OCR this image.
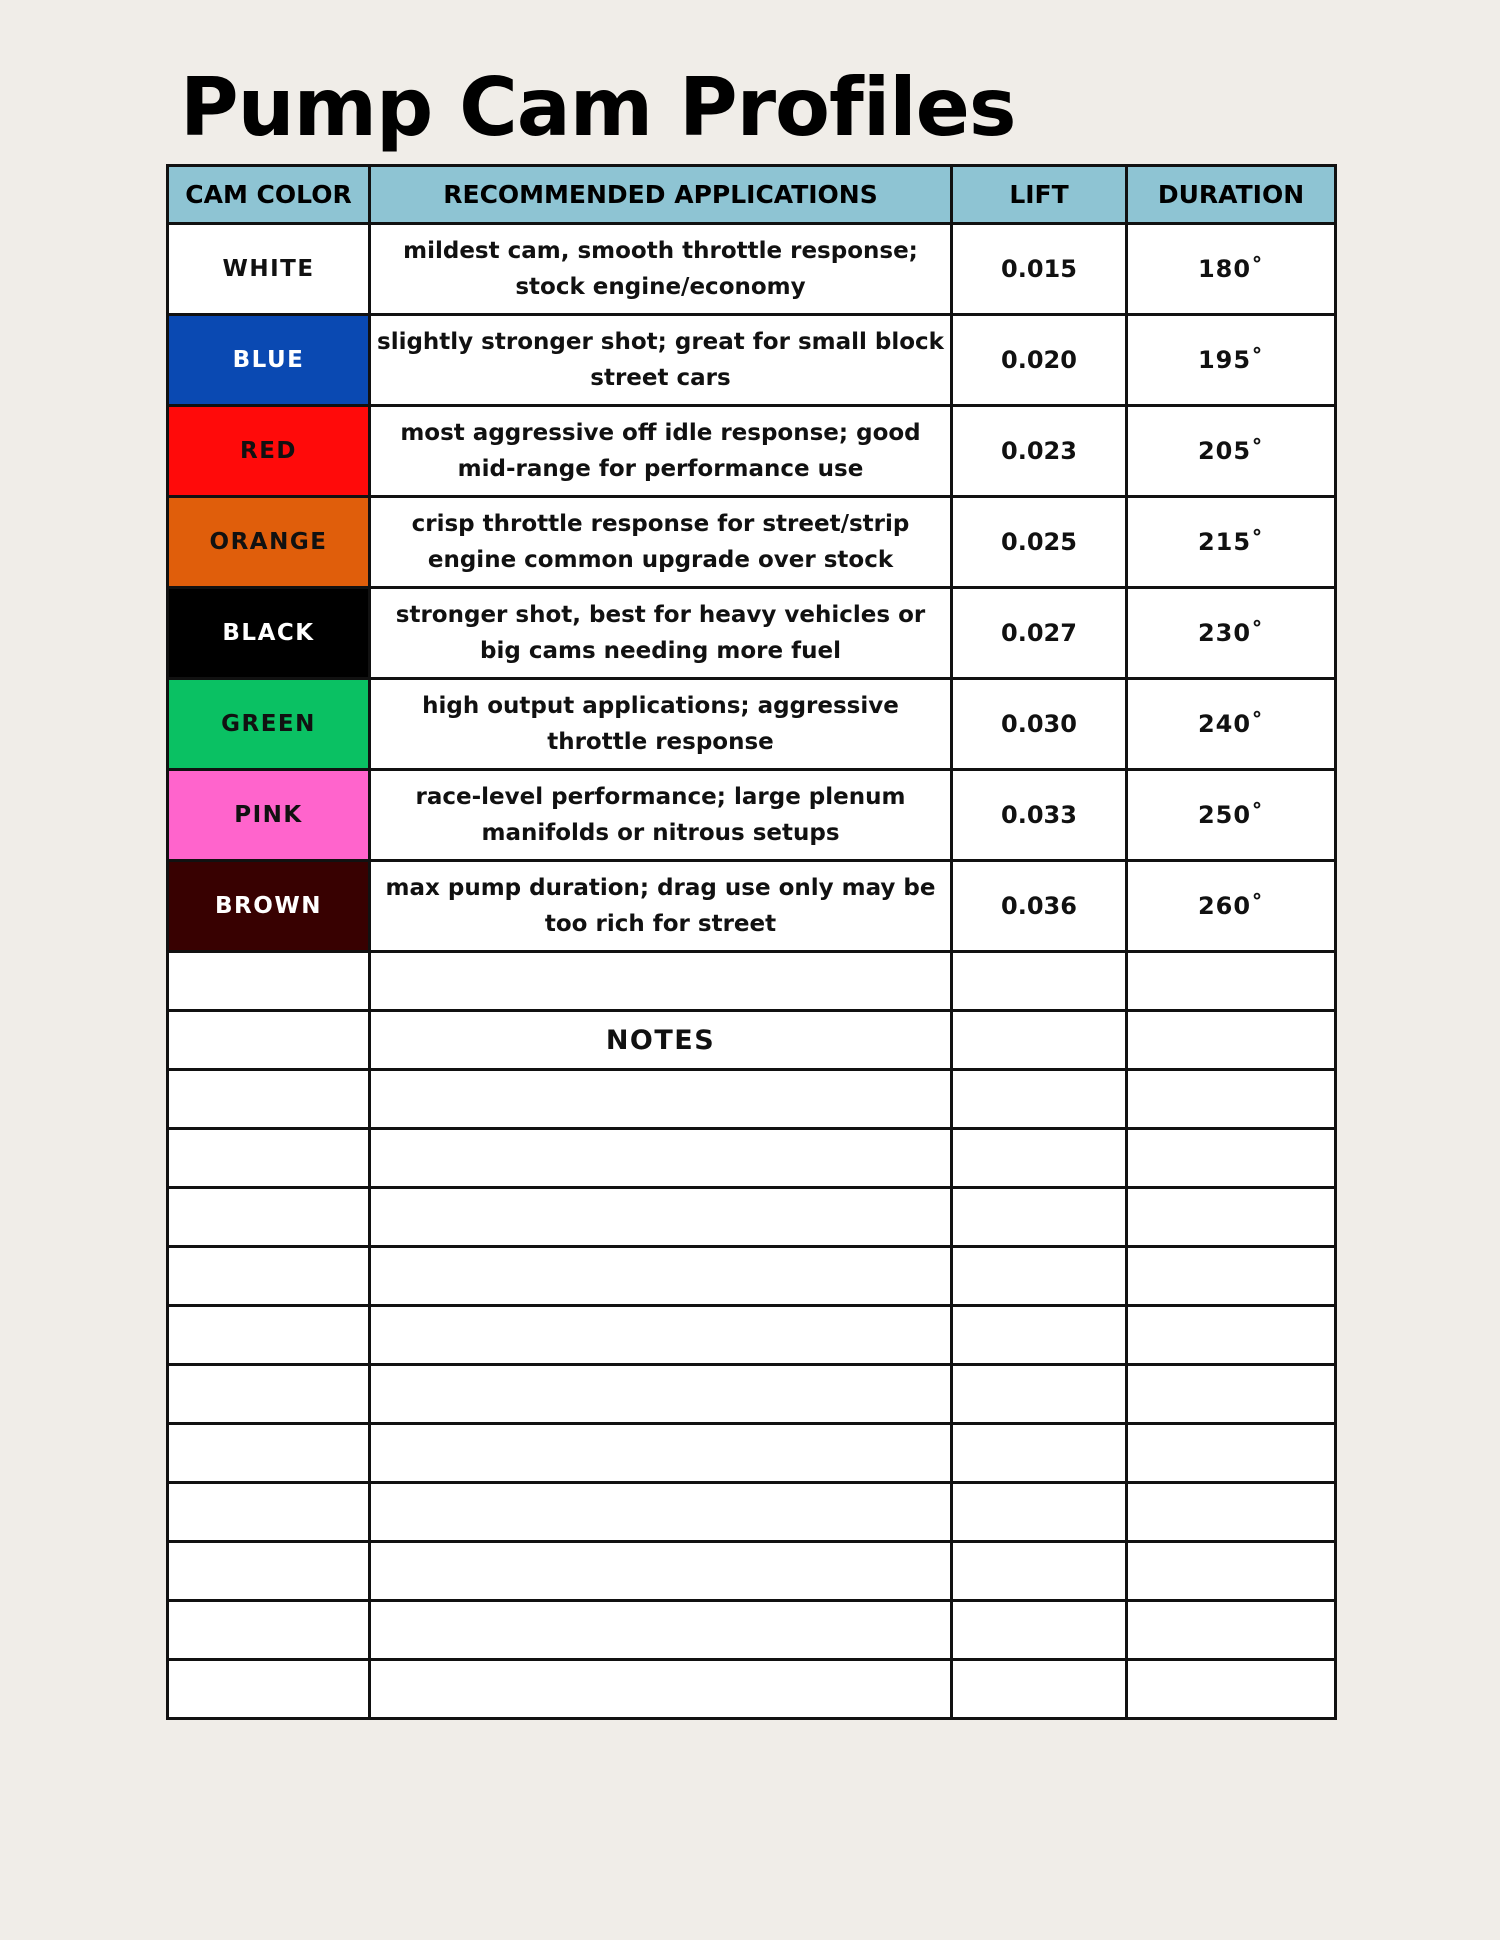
Pump Cam Profiles
CAM COLOR	RECOMMENDED APPLICATIONS	LIFT	DURATION
WHITE	mildest cam, smooth throttle response; stock engine/economy	0.015	180˚
BLUE	slightly stronger shot; great for small block street cars	0.020	195˚
RED	most aggressive off idle response; good mid-range for performance use	0.023	205˚
ORANGE	crisp throttle response for street/strip engine common upgrade over stock	0.025	215˚
BLACK	stronger shot, best for heavy vehicles or big cams needing more fuel	0.027	230˚
GREEN	high output applications; aggressive throttle response	0.030	240˚
PINK	race-level performance; large plenum manifolds or nitrous setups	0.033	250˚
BROWN	max pump duration; drag use only may be too rich for street	0.036	260˚

	NOTES		
